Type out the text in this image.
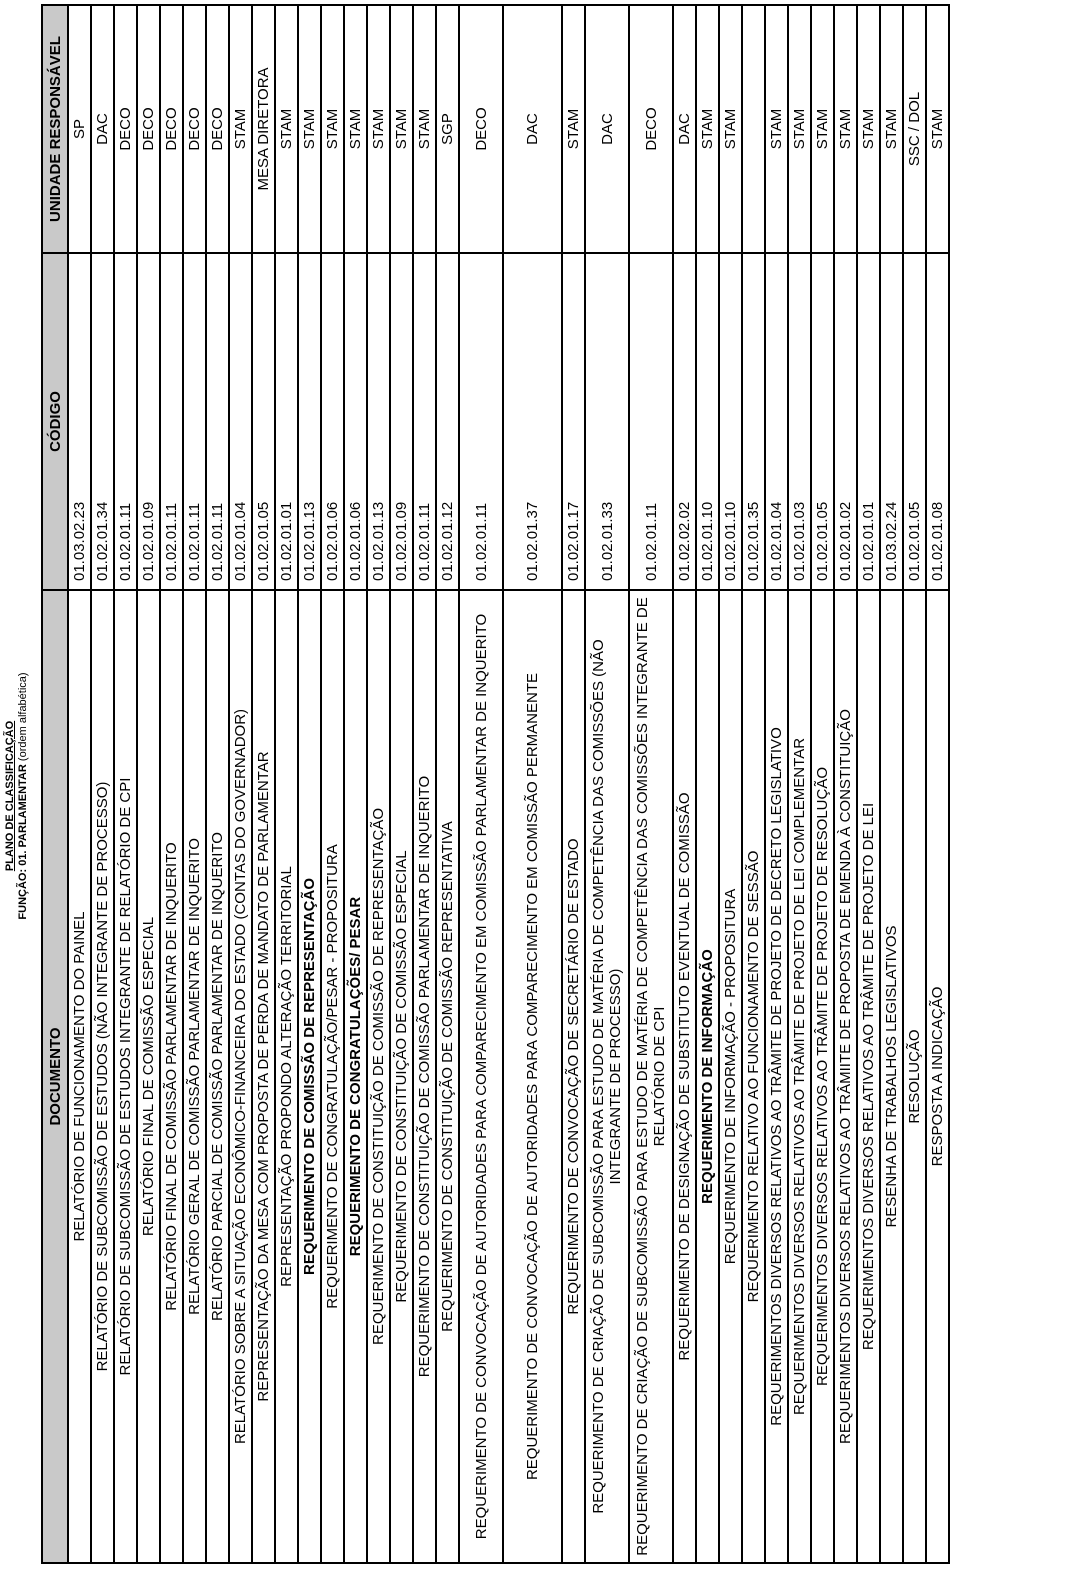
PLANO DE CLASSIFICAÇÃO FUNÇÃO: 01. PARLAMENTAR (ordem alfabética)
DOCUMENTO	CÓDIGO	UNIDADE RESPONSÁVEL
RELATÓRIO DE FUNCIONAMENTO DO PAINEL	01.03.02.23	SP
RELATÓRIO DE SUBCOMISSÃO DE ESTUDOS (NÃO INTEGRANTE DE PROCESSO)	01.02.01.34	DAC
RELATÓRIO DE SUBCOMISSÃO DE ESTUDOS INTEGRANTE DE RELATÓRIO DE CPI	01.02.01.11	DECO
RELATÓRIO FINAL DE COMISSÃO ESPECIAL	01.02.01.09	DECO
RELATÓRIO FINAL DE COMISSÃO PARLAMENTAR DE INQUERITO	01.02.01.11	DECO
RELATÓRIO GERAL DE COMISSÃO PARLAMENTAR DE INQUERITO	01.02.01.11	DECO
RELATÓRIO PARCIAL DE COMISSÃO PARLAMENTAR DE INQUERITO	01.02.01.11	DECO
RELATÓRIO SOBRE A SITUAÇÃO ECONÔMICO-FINANCEIRA DO ESTADO (CONTAS DO GOVERNADOR)	01.02.01.04	STAM
REPRESENTAÇÃO DA MESA COM PROPOSTA DE PERDA DE MANDATO DE PARLAMENTAR	01.02.01.05	MESA DIRETORA
REPRESENTAÇÃO PROPONDO ALTERAÇÃO TERRITORIAL	01.02.01.01	STAM
REQUERIMENTO DE COMISSÃO DE REPRESENTAÇÃO	01.02.01.13	STAM
REQUERIMENTO DE CONGRATULAÇÃO/PESAR - PROPOSITURA	01.02.01.06	STAM
REQUERIMENTO DE CONGRATULAÇÕES/ PESAR	01.02.01.06	STAM
REQUERIMENTO DE CONSTITUIÇÃO DE COMISSÃO DE REPRESENTAÇÃO	01.02.01.13	STAM
REQUERIMENTO DE CONSTITUIÇÃO DE COMISSÃO ESPECIAL	01.02.01.09	STAM
REQUERIMENTO DE CONSTITUIÇÃO DE COMISSÃO PARLAMENTAR DE INQUERITO	01.02.01.11	STAM
REQUERIMENTO DE CONSTITUIÇÃO DE COMISSÃO REPRESENTATIVA	01.02.01.12	SGP
REQUERIMENTO DE CONVOCAÇÃO DE AUTORIDADES PARA COMPARECIMENTO EM COMISSÃO PARLAMENTAR DE INQUERITO	01.02.01.11	DECO
REQUERIMENTO DE CONVOCAÇÃO DE AUTORIDADES PARA COMPARECIMENTO EM COMISSÃO PERMANENTE	01.02.01.37	DAC
REQUERIMENTO DE CONVOCAÇÃO DE SECRETÁRIO DE ESTADO	01.02.01.17	STAM
REQUERIMENTO DE CRIAÇÃO DE SUBCOMISSÃO PARA ESTUDO DE MATÉRIA DE COMPETÊNCIA DAS COMISSÕES (NÃO INTEGRANTE DE PROCESSO)	01.02.01.33	DAC
REQUERIMENTO DE CRIAÇÃO DE SUBCOMISSÃO PARA ESTUDO DE MATÉRIA DE COMPETÊNCIA DAS COMISSÕES INTEGRANTE DE RELATÓRIO DE CPI	01.02.01.11	DECO
REQUERIMENTO DE DESIGNAÇÃO DE SUBSTITUTO EVENTUAL DE COMISSÃO	01.02.02.02	DAC
REQUERIMENTO DE INFORMAÇÃO	01.02.01.10	STAM
REQUERIMENTO DE INFORMAÇÃO - PROPOSITURA	01.02.01.10	STAM
REQUERIMENTO RELATIVO AO FUNCIONAMENTO DE SESSÃO	01.02.01.35	
REQUERIMENTOS DIVERSOS RELATIVOS AO TRÂMITE DE PROJETO DE DECRETO LEGISLATIVO	01.02.01.04	STAM
REQUERIMENTOS DIVERSOS RELATIVOS AO TRÂMITE DE PROJETO DE LEI COMPLEMENTAR	01.02.01.03	STAM
REQUERIMENTOS DIVERSOS RELATIVOS AO TRÂMITE DE PROJETO DE RESOLUÇÃO	01.02.01.05	STAM
REQUERIMENTOS DIVERSOS RELATIVOS AO TRÂMIITE DE PROPOSTA DE EMENDA À CONSTITUIÇÃO	01.02.01.02	STAM
REQUERIMENTOS DIVERSOS RELATIVOS AO TRÂMITE DE PROJETO DE LEI	01.02.01.01	STAM
RESENHA DE TRABALHOS LEGISLATIVOS	01.03.02.24	STAM
RESOLUÇÃO	01.02.01.05	SSC / DOL
RESPOSTA A INDICAÇÃO	01.02.01.08	STAM
